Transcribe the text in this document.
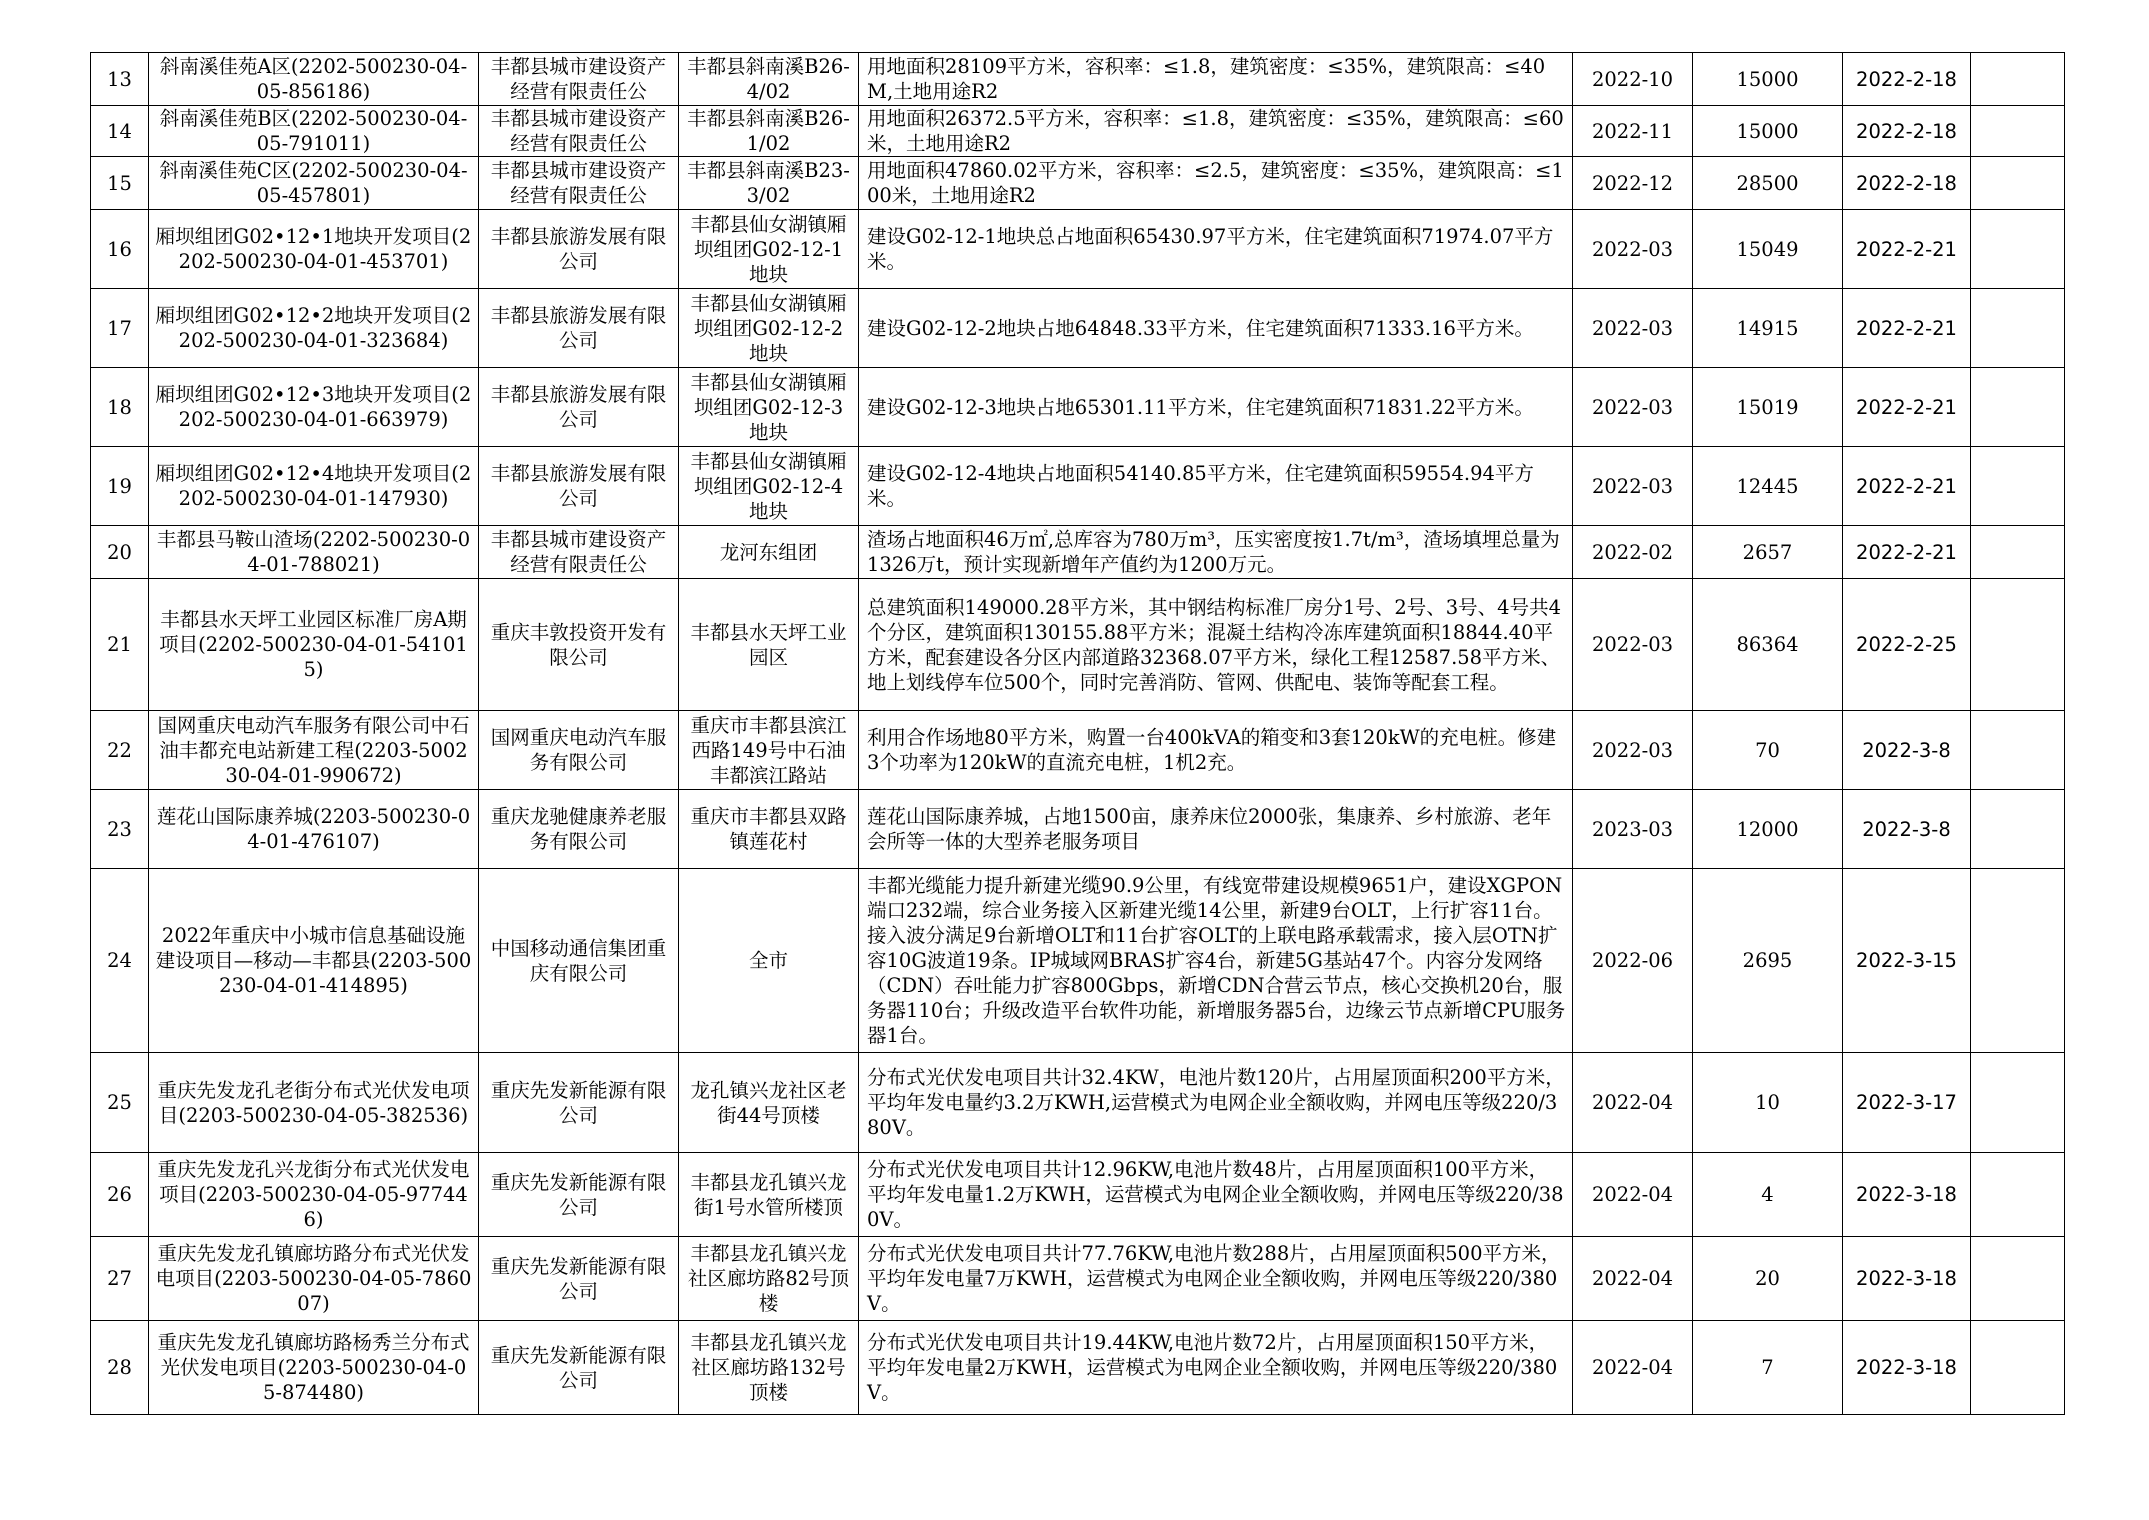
13	斜南溪佳苑A区(2202-500230-04-05-856186)	丰都县城市建设资产经营有限责任公	丰都县斜南溪B26-4/02	用地面积28109平方米，容积率：≤1.8，建筑密度：≤35%，建筑限高：≤40M,土地用途R2	2022-10	15000	2022-2-18	
14	斜南溪佳苑B区(2202-500230-04-05-791011)	丰都县城市建设资产经营有限责任公	丰都县斜南溪B26-1/02	用地面积26372.5平方米，容积率：≤1.8，建筑密度：≤35%，建筑限高：≤60米，土地用途R2	2022-11	15000	2022-2-18	
15	斜南溪佳苑C区(2202-500230-04-05-457801)	丰都县城市建设资产经营有限责任公	丰都县斜南溪B23-3/02	用地面积47860.02平方米，容积率：≤2.5，建筑密度：≤35%，建筑限高：≤100米，土地用途R2	2022-12	28500	2022-2-18	
16	厢坝组团G02•12•1地块开发项目(2202-500230-04-01-453701)	丰都县旅游发展有限公司	丰都县仙女湖镇厢坝组团G02-12-1地块	建设G02-12-1地块总占地面积65430.97平方米，住宅建筑面积71974.07平方米。	2022-03	15049	2022-2-21	
17	厢坝组团G02•12•2地块开发项目(2202-500230-04-01-323684)	丰都县旅游发展有限公司	丰都县仙女湖镇厢坝组团G02-12-2地块	建设G02-12-2地块占地64848.33平方米，住宅建筑面积71333.16平方米。	2022-03	14915	2022-2-21	
18	厢坝组团G02•12•3地块开发项目(2202-500230-04-01-663979)	丰都县旅游发展有限公司	丰都县仙女湖镇厢坝组团G02-12-3地块	建设G02-12-3地块占地65301.11平方米，住宅建筑面积71831.22平方米。	2022-03	15019	2022-2-21	
19	厢坝组团G02•12•4地块开发项目(2202-500230-04-01-147930)	丰都县旅游发展有限公司	丰都县仙女湖镇厢坝组团G02-12-4地块	建设G02-12-4地块占地面积54140.85平方米，住宅建筑面积59554.94平方米。	2022-03	12445	2022-2-21	
20	丰都县马鞍山渣场(2202-500230-04-01-788021)	丰都县城市建设资产经营有限责任公	龙河东组团	渣场占地面积46万㎡,总库容为780万m³，压实密度按1.7t/m³，渣场填埋总量为1326万t，预计实现新增年产值约为1200万元。	2022-02	2657	2022-2-21	
21	丰都县水天坪工业园区标准厂房A期项目(2202-500230-04-01-541015)	重庆丰敦投资开发有限公司	丰都县水天坪工业园区	总建筑面积149000.28平方米，其中钢结构标准厂房分1号、2号、3号、4号共4个分区，建筑面积130155.88平方米；混凝土结构冷冻库建筑面积18844.40平方米，配套建设各分区内部道路32368.07平方米，绿化工程12587.58平方米、地上划线停车位500个，同时完善消防、管网、供配电、装饰等配套工程。	2022-03	86364	2022-2-25	
22	国网重庆电动汽车服务有限公司中石油丰都充电站新建工程(2203-500230-04-01-990672)	国网重庆电动汽车服务有限公司	重庆市丰都县滨江西路149号中石油丰都滨江路站	利用合作场地80平方米，购置一台400kVA的箱变和3套120kW的充电桩。修建3个功率为120kW的直流充电桩，1机2充。	2022-03	70	2022-3-8	
23	莲花山国际康养城(2203-500230-04-01-476107)	重庆龙驰健康养老服务有限公司	重庆市丰都县双路镇莲花村	莲花山国际康养城，占地1500亩，康养床位2000张，集康养、乡村旅游、老年会所等一体的大型养老服务项目	2023-03	12000	2022-3-8	
24	2022年重庆中小城市信息基础设施建设项目—移动—丰都县(2203-500230-04-01-414895)	中国移动通信集团重庆有限公司	全市	丰都光缆能力提升新建光缆90.9公里，有线宽带建设规模9651户，建设XGPON端口232端，综合业务接入区新建光缆14公里，新建9台OLT，上行扩容11台。接入波分满足9台新增OLT和11台扩容OLT的上联电路承载需求，接入层OTN扩容10G波道19条。IP城域网BRAS扩容4台，新建5G基站47个。内容分发网络（CDN）吞吐能力扩容800Gbps，新增CDN合营云节点，核心交换机20台，服务器110台；升级改造平台软件功能，新增服务器5台，边缘云节点新增CPU服务器1台。	2022-06	2695	2022-3-15	
25	重庆先发龙孔老街分布式光伏发电项目(2203-500230-04-05-382536)	重庆先发新能源有限公司	龙孔镇兴龙社区老街44号顶楼	分布式光伏发电项目共计32.4KW，电池片数120片，占用屋顶面积200平方米，平均年发电量约3.2万KWH,运营模式为电网企业全额收购，并网电压等级220/380V。	2022-04	10	2022-3-17	
26	重庆先发龙孔兴龙街分布式光伏发电项目(2203-500230-04-05-977446)	重庆先发新能源有限公司	丰都县龙孔镇兴龙街1号水管所楼顶	分布式光伏发电项目共计12.96KW,电池片数48片，占用屋顶面积100平方米，平均年发电量1.2万KWH，运营模式为电网企业全额收购，并网电压等级220/380V。	2022-04	4	2022-3-18	
27	重庆先发龙孔镇廊坊路分布式光伏发电项目(2203-500230-04-05-786007)	重庆先发新能源有限公司	丰都县龙孔镇兴龙社区廊坊路82号顶楼	分布式光伏发电项目共计77.76KW,电池片数288片，占用屋顶面积500平方米，平均年发电量7万KWH，运营模式为电网企业全额收购，并网电压等级220/380V。	2022-04	20	2022-3-18	
28	重庆先发龙孔镇廊坊路杨秀兰分布式光伏发电项目(2203-500230-04-05-874480)	重庆先发新能源有限公司	丰都县龙孔镇兴龙社区廊坊路132号顶楼	分布式光伏发电项目共计19.44KW,电池片数72片，占用屋顶面积150平方米，平均年发电量2万KWH，运营模式为电网企业全额收购，并网电压等级220/380V。	2022-04	7	2022-3-18	
